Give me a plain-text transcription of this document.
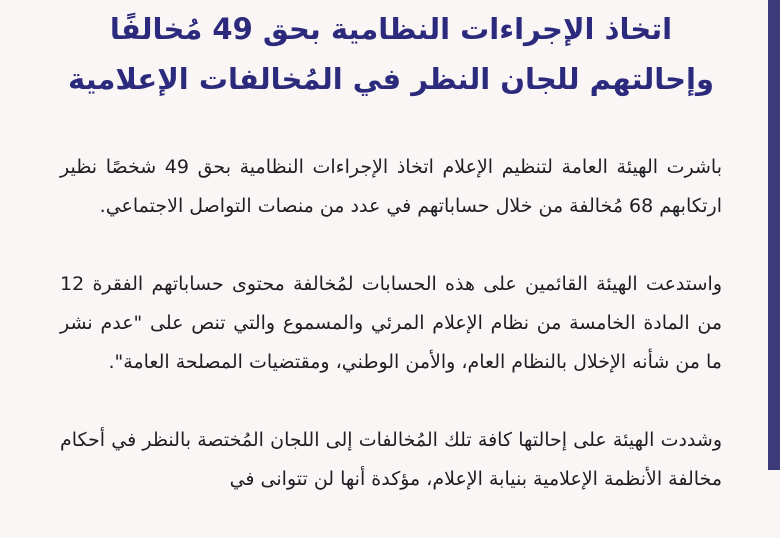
اتخاذ الإجراءات النظامية بحق 49 مُخالفًا
وإحالتهم للجان النظر في المُخالفات الإعلامية

باشرت الهيئة العامة لتنظيم الإعلام اتخاذ الإجراءات النظامية بحق 49 شخصًا نظير ارتكابهم 68 مُخالفة من خلال حساباتهم في عدد من منصات التواصل الاجتماعي.

واستدعت الهيئة القائمين على هذه الحسابات لمُخالفة محتوى حساباتهم الفقرة 12 من المادة الخامسة من نظام الإعلام المرئي والمسموع والتي تنص على "عدم نشر ما من شأنه الإخلال بالنظام العام، والأمن الوطني، ومقتضيات المصلحة العامة".

وشددت الهيئة على إحالتها كافة تلك المُخالفات إلى اللجان المُختصة بالنظر في أحكام مخالفة الأنظمة الإعلامية بنيابة الإعلام، مؤكدة أنها لن تتوانى في
